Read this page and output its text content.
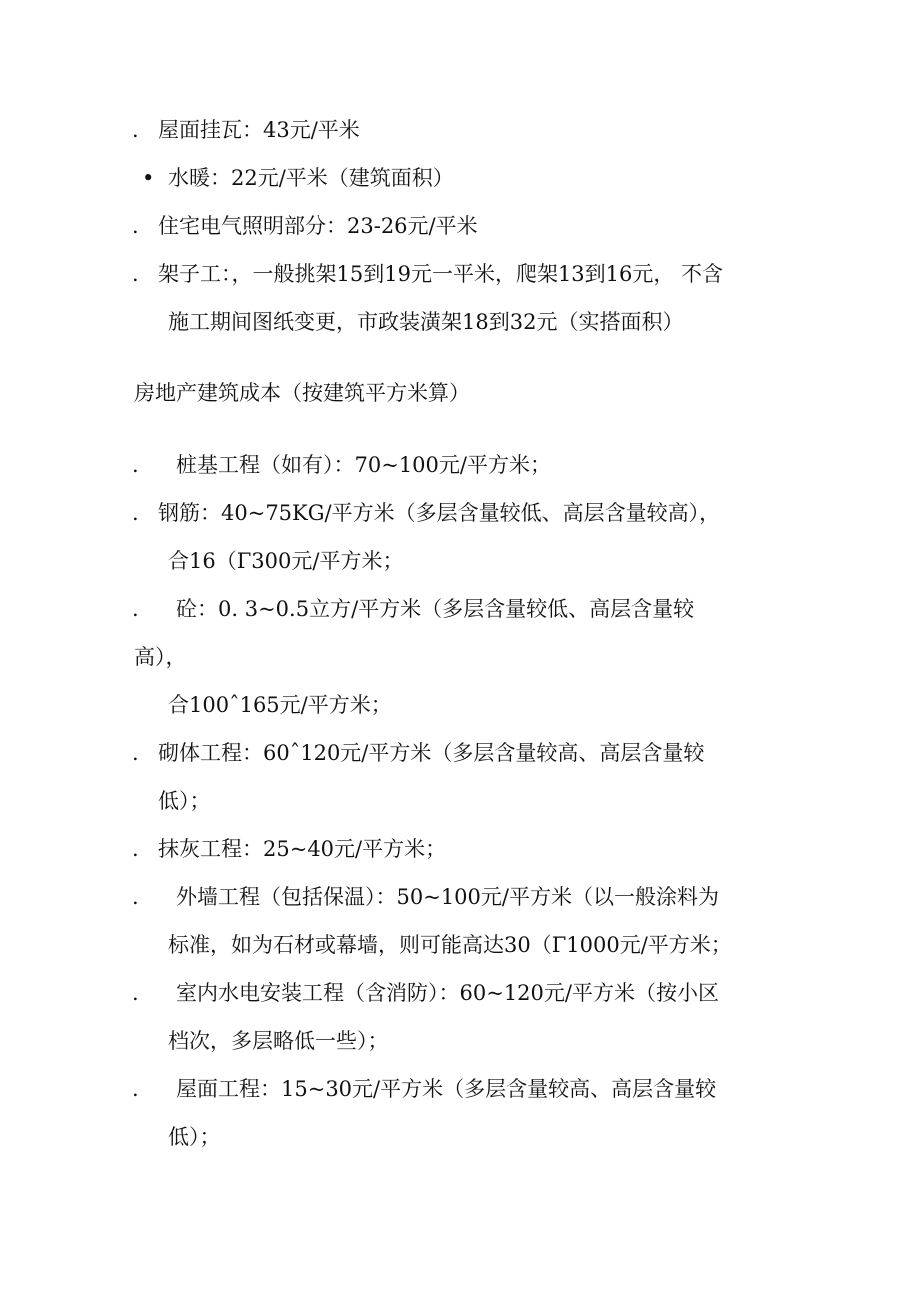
. 屋面挂瓦：43元/平米
• 水暖：22元/平米（建筑面积）
. 住宅电气照明部分：23-26元/平米
. 架子工：，一般挑架15到19元一平米，爬架13到16元， 不含
施工期间图纸变更，市政装潢架18到32元（实搭面积）
房地产建筑成本（按建筑平方米算）
. 桩基工程（如有）：70~100元/平方米；
. 钢筋：40~75KG/平方米（多层含量较低、高层含量较高），
合16（Γ300元/平方米；
. 砼：0. 3~0.5立方/平方米（多层含量较低、高层含量较
高），
合100ˆ165元/平方米；
. 砌体工程：60ˆ120元/平方米（多层含量较高、高层含量较
低）；
. 抹灰工程：25~40元/平方米；
. 外墙工程（包括保温）：50~100元/平方米（以一般涂料为
标准，如为石材或幕墙，则可能高达30（Γ1000元/平方米；
. 室内水电安装工程（含消防）：60~120元/平方米（按小区
档次，多层略低一些）；
. 屋面工程：15~30元/平方米（多层含量较高、高层含量较
低）；
